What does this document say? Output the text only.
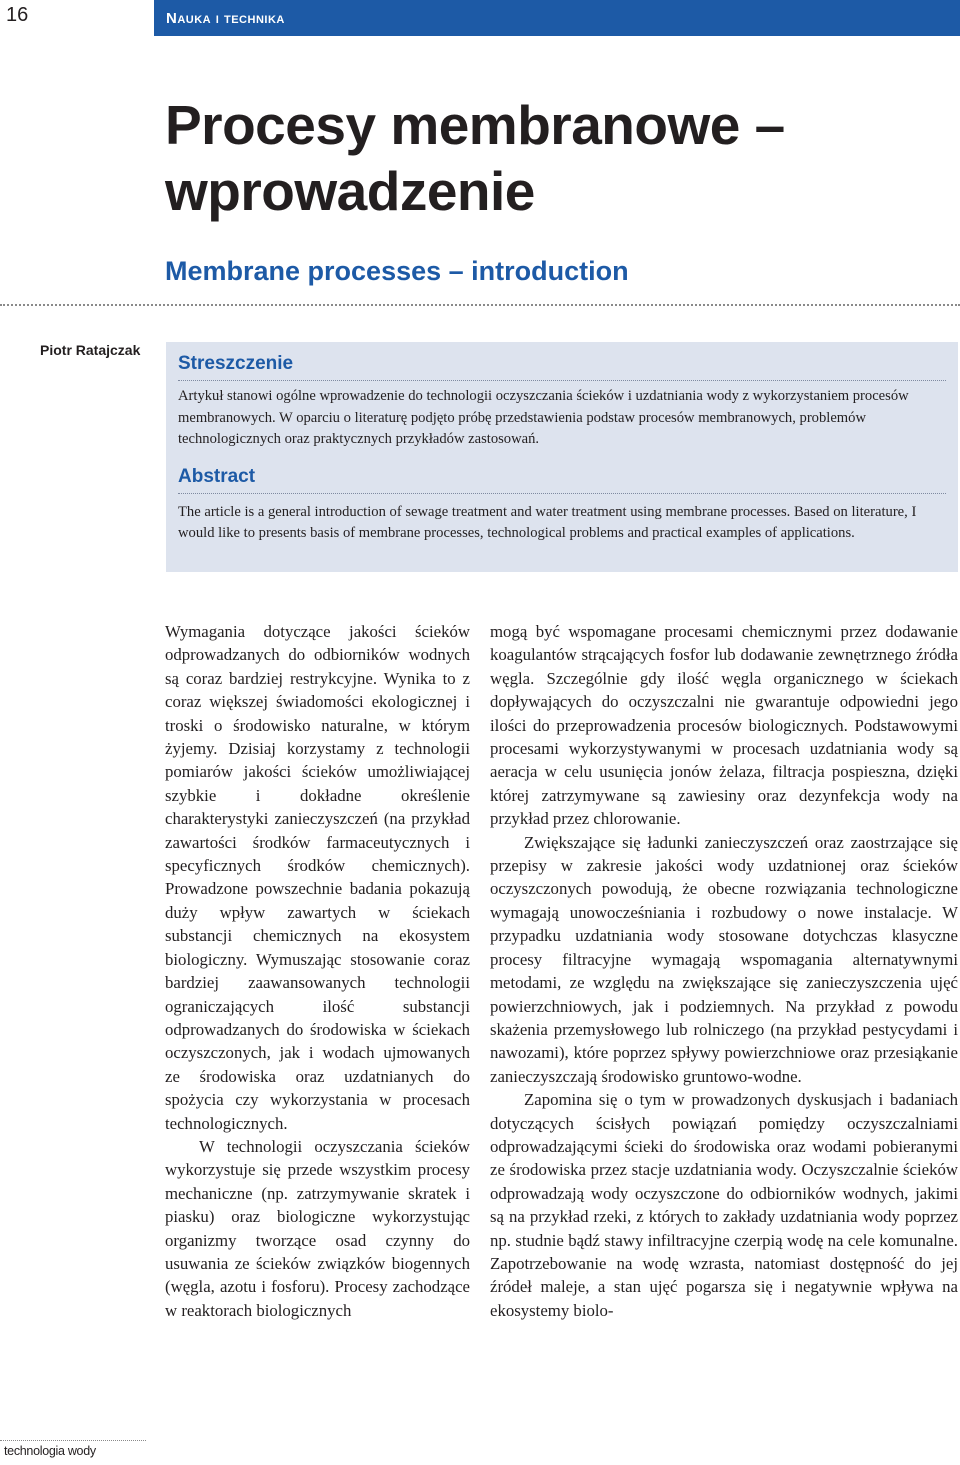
16	Nauka i technika
Procesy membranowe – wprowadzenie
Membrane processes – introduction
Piotr Ratajczak
Streszczenie

Artykuł stanowi ogólne wprowadzenie do technologii oczyszczania ścieków i uzdatniania wody z wykorzystaniem procesów membranowych. W oparciu o literaturę podjęto próbę przedstawienia podstaw procesów membranowych, problemów technologicznych oraz praktycznych przykładów zastosowań.

Abstract

The article is a general introduction of sewage treatment and water treatment using membrane processes. Based on literature, I would like to presents basis of membrane processes, technological problems and practical examples of applications.

Wymagania dotyczące jakości ścieków odprowadzanych do odbiorników wodnych są coraz bardziej restrykcyjne. Wynika to z coraz większej świadomości ekologicznej i troski o środowisko naturalne, w którym żyjemy. Dzisiaj korzystamy z technologii pomiarów jakości ścieków umożliwiającej szybkie i dokładne określenie charakterystyki zanieczyszczeń (na przykład zawartości środków farmaceutycznych i specyficznych środków chemicznych). Prowadzone powszechnie badania pokazują duży wpływ zawartych w ściekach substancji chemicznych na ekosystem biologiczny. Wymuszając stosowanie coraz bardziej zaawansowanych technologii ograniczających ilość substancji odprowadzanych do środowiska w ściekach oczyszczonych, jak i wodach ujmowanych ze środowiska oraz uzdatnianych do spożycia czy wykorzystania w procesach technologicznych.

W technologii oczyszczania ścieków wykorzystuje się przede wszystkim procesy mechaniczne (np. zatrzymywanie skratek i piasku) oraz biologiczne wykorzystując organizmy tworzące osad czynny do usuwania ze ścieków związków biogennych (węgla, azotu i fosforu). Procesy zachodzące w reaktorach biologicznych

mogą być wspomagane procesami chemicznymi przez dodawanie koagulantów strącających fosfor lub dodawanie zewnętrznego źródła węgla. Szczególnie gdy ilość węgla organicznego w ściekach dopływających do oczyszczalni nie gwarantuje odpowiedni jego ilości do przeprowadzenia procesów biologicznych. Podstawowymi procesami wykorzystywanymi w procesach uzdatniania wody są aeracja w celu usunięcia jonów żelaza, filtracja pospieszna, dzięki której zatrzymywane są zawiesiny oraz dezynfekcja wody na przykład przez chlorowanie.

Zwiększające się ładunki zanieczyszczeń oraz zaostrzające się przepisy w zakresie jakości wody uzdatnionej oraz ścieków oczyszczonych powodują, że obecne rozwiązania technologiczne wymagają unowocześniania i rozbudowy o nowe instalacje. W przypadku uzdatniania wody stosowane dotychczas klasyczne procesy filtracyjne wymagają wspomagania alternatywnymi metodami, ze względu na zwiększające się zanieczyszczenia ujęć powierzchniowych, jak i podziemnych. Na przykład z powodu skażenia przemysłowego lub rolniczego (na przykład pestycydami i nawozami), które poprzez spływy powierzchniowe oraz przesiąkanie zanieczyszczają środowisko gruntowo-wodne.

Zapomina się o tym w prowadzonych dyskusjach i badaniach dotyczących ścisłych powiązań pomiędzy oczyszczalniami odprowadzającymi ścieki do środowiska oraz wodami pobieranymi ze środowiska przez stacje uzdatniania wody. Oczyszczalnie ścieków odprowadzają wody oczyszczone do odbiorników wodnych, jakimi są na przykład rzeki, z których to zakłady uzdatniania wody poprzez np. studnie bądź stawy infiltracyjne czerpią wodę na cele komunalne. Zapotrzebowanie na wodę wzrasta, natomiast dostępność do jej źródeł maleje, a stan ujęć pogarsza się i negatywnie wpływa na ekosystemy biolo-

technologia wody
